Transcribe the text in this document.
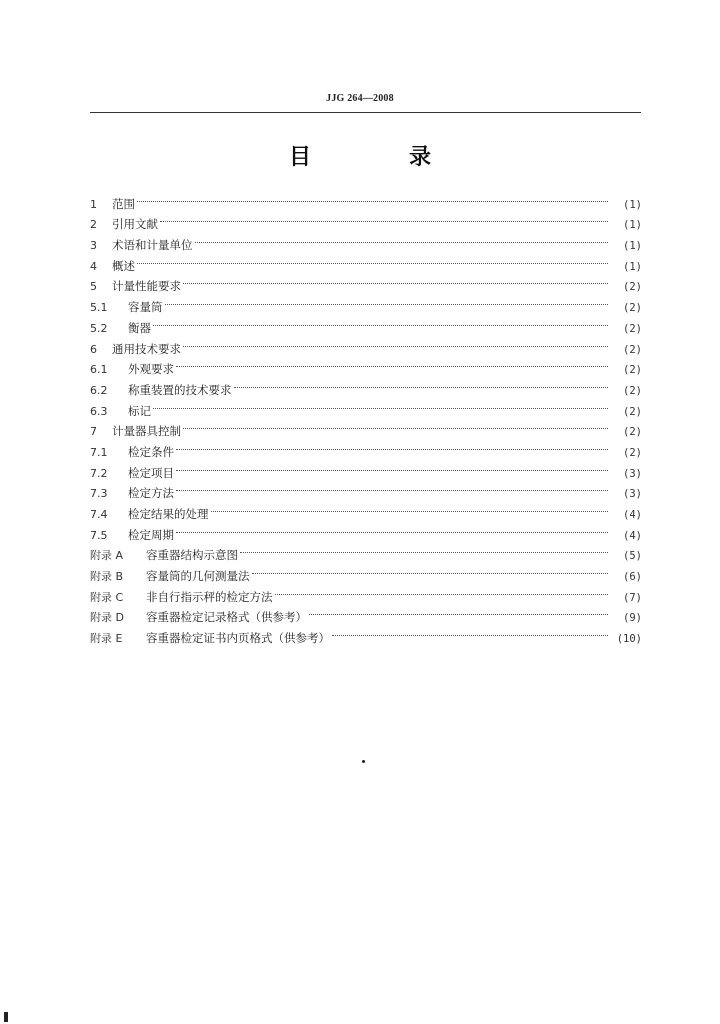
JJG 264—2008
目　录
1	范围	(1)
2	引用文献	(1)
3	术语和计量单位	(1)
4	概述	(1)
5	计量性能要求	(2)
5.1	容量筒	(2)
5.2	衡器	(2)
6	通用技术要求	(2)
6.1	外观要求	(2)
6.2	称重装置的技术要求	(2)
6.3	标记	(2)
7	计量器具控制	(2)
7.1	检定条件	(2)
7.2	检定项目	(3)
7.3	检定方法	(3)
7.4	检定结果的处理	(4)
7.5	检定周期	(4)
附录 A	容重器结构示意图	(5)
附录 B	容量筒的几何测量法	(6)
附录 C	非自行指示秤的检定方法	(7)
附录 D	容重器检定记录格式（供参考）	(9)
附录 E	容重器检定证书内页格式（供参考）	(10)
